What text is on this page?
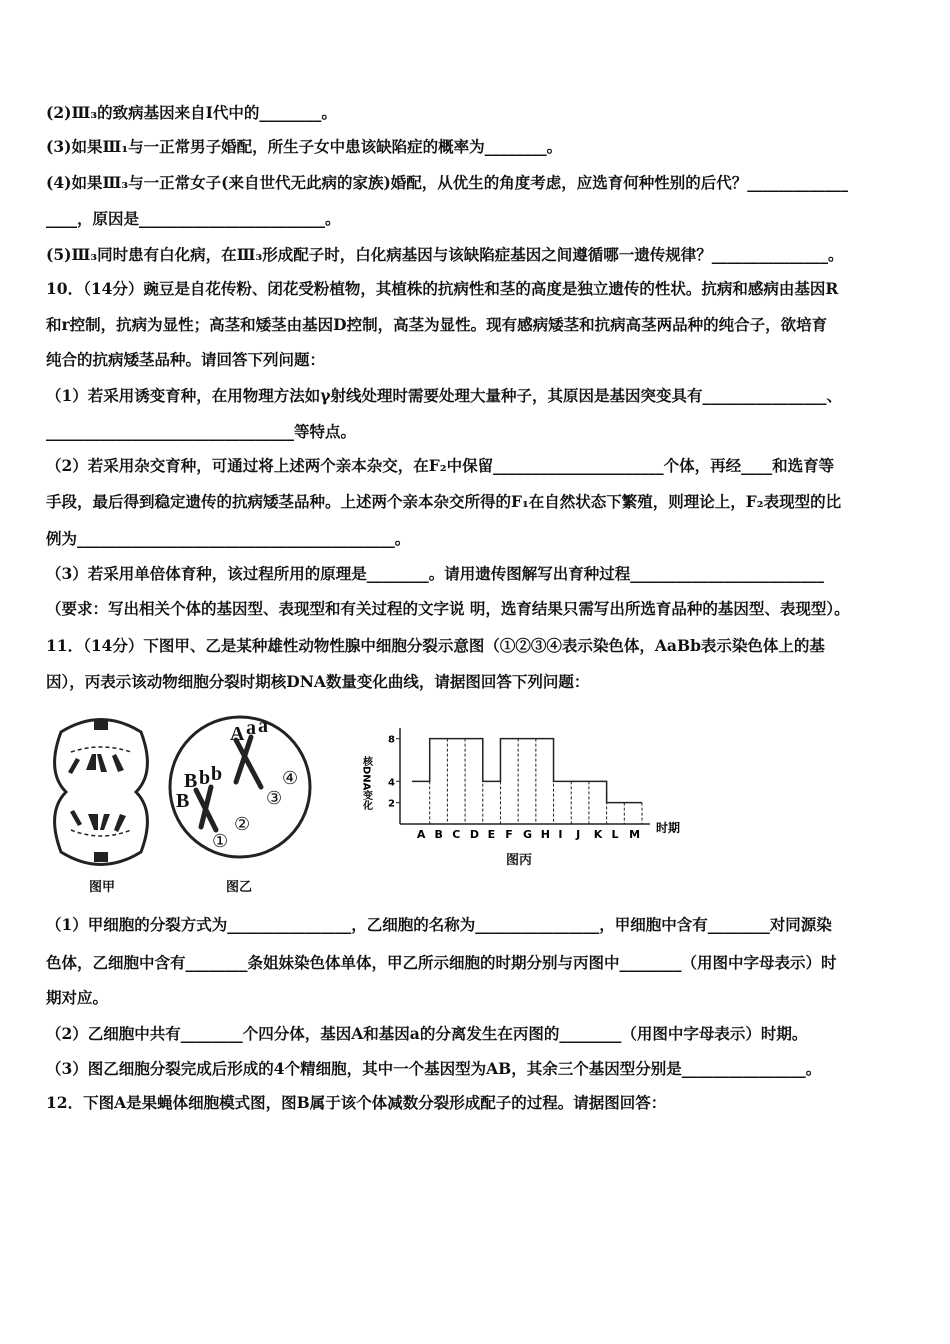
(2)Ⅲ₃的致病基因来自Ⅰ代中的________。
(3)如果Ⅲ₁与一正常男子婚配，所生子女中患该缺陷症的概率为________。
(4)如果Ⅲ₃与一正常女子(来自世代无此病的家族)婚配，从优生的角度考虑，应选育何种性别的后代？_____________
____，原因是________________________。
(5)Ⅲ₃同时患有白化病，在Ⅲ₃形成配子时，白化病基因与该缺陷症基因之间遵循哪一遗传规律？_______________。
10．（14分）豌豆是自花传粉、闭花受粉植物，其植株的抗病性和茎的高度是独立遗传的性状。抗病和感病由基因R
和r控制，抗病为显性；高茎和矮茎由基因D控制，高茎为显性。现有感病矮茎和抗病高茎两品种的纯合子，欲培育
纯合的抗病矮茎品种。请回答下列问题：
（1）若采用诱变育种，在用物理方法如γ射线处理时需要处理大量种子，其原因是基因突变具有________________、
________________________________等特点。
（2）若采用杂交育种，可通过将上述两个亲本杂交，在F₂中保留______________________个体，再经____和选育等
手段，最后得到稳定遗传的抗病矮茎品种。上述两个亲本杂交所得的F₁在自然状态下繁殖，则理论上，F₂表现型的比
例为_________________________________________。
（3）若采用单倍体育种，该过程所用的原理是________。请用遗传图解写出育种过程_________________________
（要求：写出相关个体的基因型、表现型和有关过程的文字说 明，选育结果只需写出所选育品种的基因型、表现型）。
11．（14分）下图甲、乙是某种雄性动物性腺中细胞分裂示意图（①②③④表示染色体，AaBb表示染色体上的基
因），丙表示该动物细胞分裂时期核DNA数量变化曲线，请据图回答下列问题：
（1）甲细胞的分裂方式为________________，乙细胞的名称为________________，甲细胞中含有________对同源染
色体，乙细胞中含有________条姐妹染色体单体，甲乙所示细胞的时期分别与丙图中________（用图中字母表示）时
期对应。
（2）乙细胞中共有________个四分体，基因A和基因a的分离发生在丙图的________（用图中字母表示）时期。
（3）图乙细胞分裂完成后形成的4个精细胞，其中一个基因型为AB，其余三个基因型分别是________________。
12．下图A是果蝇体细胞模式图，图B属于该个体减数分裂形成配子的过程。请据图回答：
图甲
A a a
B b b
B
①
②
③
④
图乙
核DNA变化
时期
2
4
8
A B C D E F G H I J K L M
图丙
